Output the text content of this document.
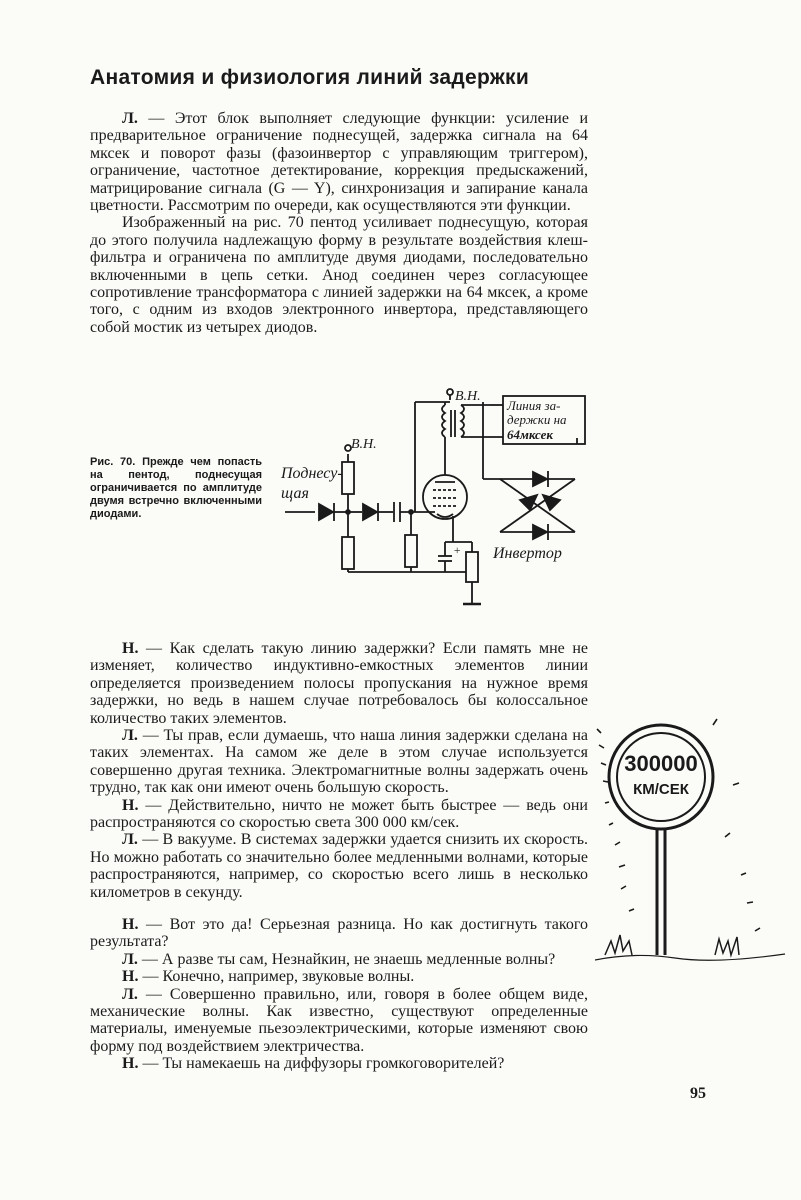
Анатомия и физиология линий задержки

Л. — Этот блок выполняет следующие функции: усиление и предварительное ограничение поднесущей, задержка сигнала на 64 мксек и поворот фазы (фазоинвертор с управляющим триггером), ограничение, частотное детектирование, коррекция предыскажений, матрицирование сигнала (G — Y), синхронизация и запирание канала цветности. Рассмотрим по очереди, как осуществляются эти функции.

Изображенный на рис. 70 пентод усиливает поднесущую, которая до этого получила надлежащую форму в результате воздействия клеш-фильтра и ограничена по амплитуде двумя диодами, последовательно включенными в цепь сетки. Анод соединен через согласующее сопротивление трансформатора с линией задержки на 64 мксек, а кроме того, с одним из входов электронного инвертора, представляющего собой мостик из четырех диодов.

Рис. 70. Прежде чем попасть на пентод, поднесущая ограничивается по амплитуде двумя встречно включенными диодами.
В.Н.
В.Н.
Поднесу-
щая
Линия за-
держки на
64мксек
Инвертор
+

Н. — Как сделать такую линию задержки? Если память мне не изменяет, количество индуктивно-емкостных элементов линии определяется произведением полосы пропускания на нужное время задержки, но ведь в нашем случае потребовалось бы колоссальное количество таких элементов.

Л. — Ты прав, если думаешь, что наша линия задержки сделана на таких элементах. На самом же деле в этом случае используется совершенно другая техника. Электромагнитные волны задержать очень трудно, так как они имеют очень большую скорость.

Н. — Действительно, ничто не может быть быстрее — ведь они распространяются со скоростью света 300 000 км/сек.

Л. — В вакууме. В системах задержки удается снизить их скорость. Но можно работать со значительно более медленными волнами, которые распространяются, например, со скоростью всего лишь в несколько километров в секунду.

Н. — Вот это да! Серьезная разница. Но как достигнуть такого результата?

Л. — А разве ты сам, Незнайкин, не знаешь медленные волны?

Н. — Конечно, например, звуковые волны.

Л. — Совершенно правильно, или, говоря в более общем виде, механические волны. Как известно, существуют определенные материалы, именуемые пьезоэлектрическими, которые изменяют свою форму под воздействием электричества.

Н. — Ты намекаешь на диффузоры громкоговорителей?

300000
КМ/СЕК
95
